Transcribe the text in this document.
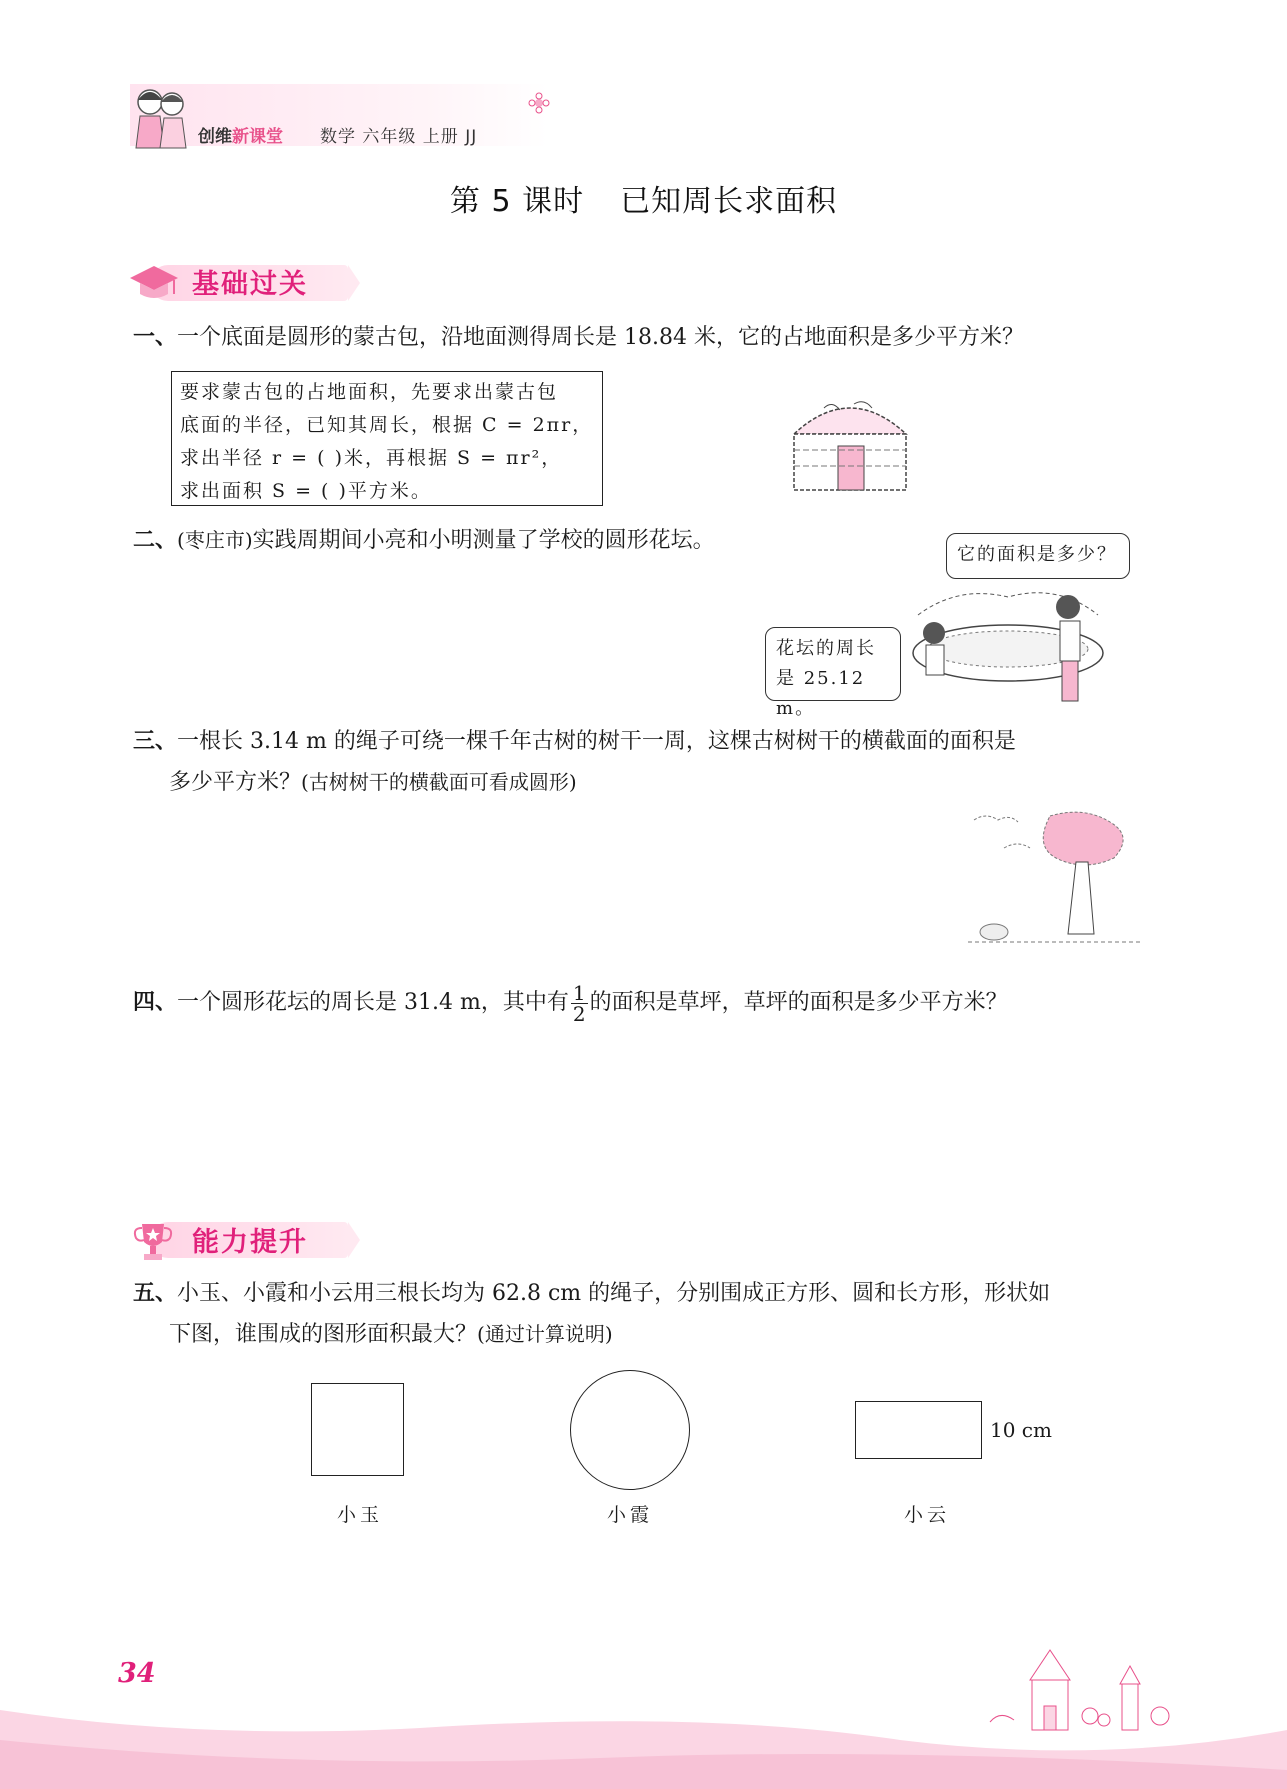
创维新课堂 数学 六年级 上册 JJ
第 5 课时 已知周长求面积
基础过关
一、一个底面是圆形的蒙古包，沿地面测得周长是 18.84 米，它的占地面积是多少平方米？
要求蒙古包的占地面积，先要求出蒙古包
底面的半径，已知其周长，根据 C = 2πr，
求出半径 r = ( )米，再根据 S = πr²，
求出面积 S = ( )平方米。
二、(枣庄市)实践周期间小亮和小明测量了学校的圆形花坛。
它的面积是多少？
花坛的周长
是 25.12 m。
三、一根长 3.14 m 的绳子可绕一棵千年古树的树干一周，这棵古树树干的横截面的面积是
多少平方米？(古树树干的横截面可看成圆形)
四、一个圆形花坛的周长是 31.4 m，其中有 $\frac{1}{2}$ 的面积是草坪，草坪的面积是多少平方米？
能力提升
五、小玉、小霞和小云用三根长均为 62.8 cm 的绳子，分别围成正方形、圆和长方形，形状如
下图，谁围成的图形面积最大？(通过计算说明)
10 cm
小玉	小霞	小云
34
